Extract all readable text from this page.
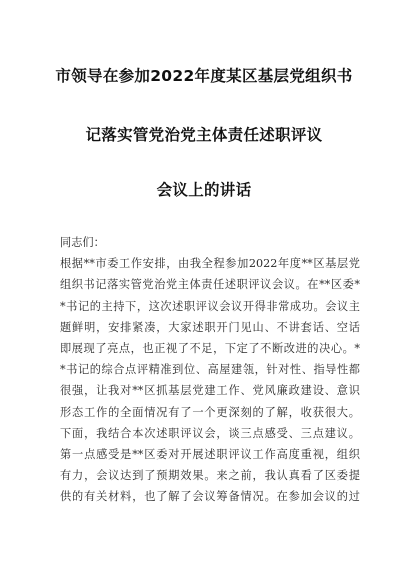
市领导在参加2022年度某区基层党组织书
记落实管党治党主体责任述职评议
会议上的讲话
同志们：
根据**市委工作安排，由我全程参加2022年度**区基层党
组织书记落实管党治党主体责任述职评议会议。在**区委*
*书记的主持下，这次述职评议会议开得非常成功。会议主
题鲜明，安排紧凑，大家述职开门见山、不讲套话、空话
即展现了亮点，也正视了不足，下定了不断改进的决心。*
*书记的综合点评精准到位、高屋建瓴，针对性、指导性都
很强，让我对**区抓基层党建工作、党风廉政建设、意识
形态工作的全面情况有了一个更深刻的了解，收获很大。
下面，我结合本次述职评议会，谈三点感受、三点建议。
第一点感受是**区委对开展述职评议工作高度重视，组织
有力，会议达到了预期效果。来之前，我认真看了区委提
供的有关材料，也了解了会议筹备情况。在参加会议的过
